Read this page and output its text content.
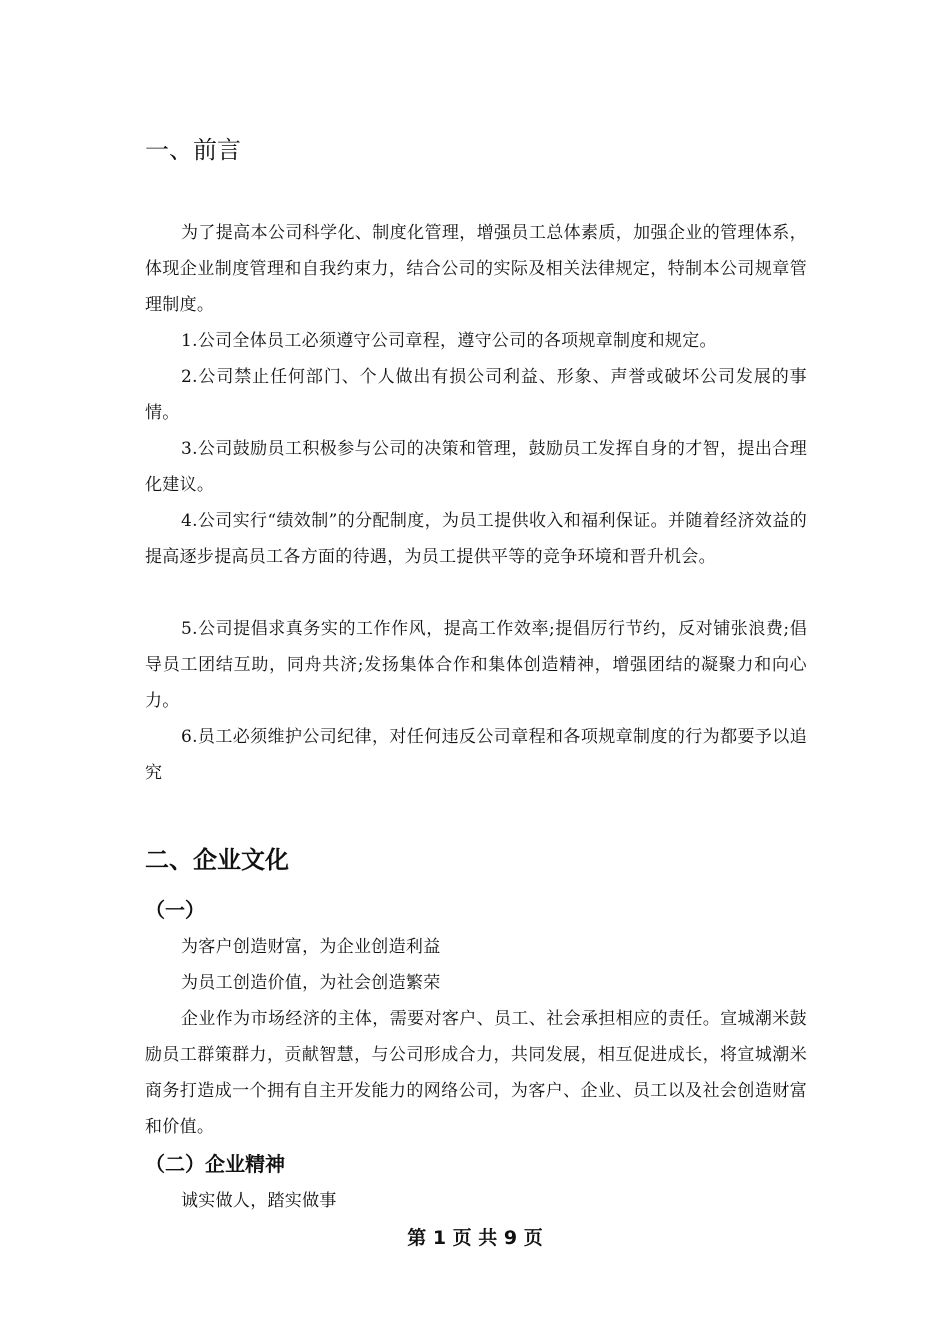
一、前言

为了提高本公司科学化、制度化管理，增强员工总体素质，加强企业的管理体系，体现企业制度管理和自我约束力，结合公司的实际及相关法律规定，特制本公司规章管理制度。

1.公司全体员工必须遵守公司章程，遵守公司的各项规章制度和规定。

2.公司禁止任何部门、个人做出有损公司利益、形象、声誉或破坏公司发展的事情。

3.公司鼓励员工积极参与公司的决策和管理，鼓励员工发挥自身的才智，提出合理化建议。

4.公司实行“绩效制”的分配制度，为员工提供收入和福利保证。并随着经济效益的提高逐步提高员工各方面的待遇，为员工提供平等的竞争环境和晋升机会。

5.公司提倡求真务实的工作作风，提高工作效率;提倡厉行节约，反对铺张浪费;倡导员工团结互助，同舟共济;发扬集体合作和集体创造精神，增强团结的凝聚力和向心力。

6.员工必须维护公司纪律，对任何违反公司章程和各项规章制度的行为都要予以追究

二、企业文化
（一）

为客户创造财富，为企业创造利益

为员工创造价值，为社会创造繁荣

企业作为市场经济的主体，需要对客户、员工、社会承担相应的责任。宣城潮米鼓励员工群策群力，贡献智慧，与公司形成合力，共同发展，相互促进成长，将宣城潮米商务打造成一个拥有自主开发能力的网络公司，为客户、企业、员工以及社会创造财富和价值。

（二）企业精神

诚实做人，踏实做事

第 1 页 共 9 页
